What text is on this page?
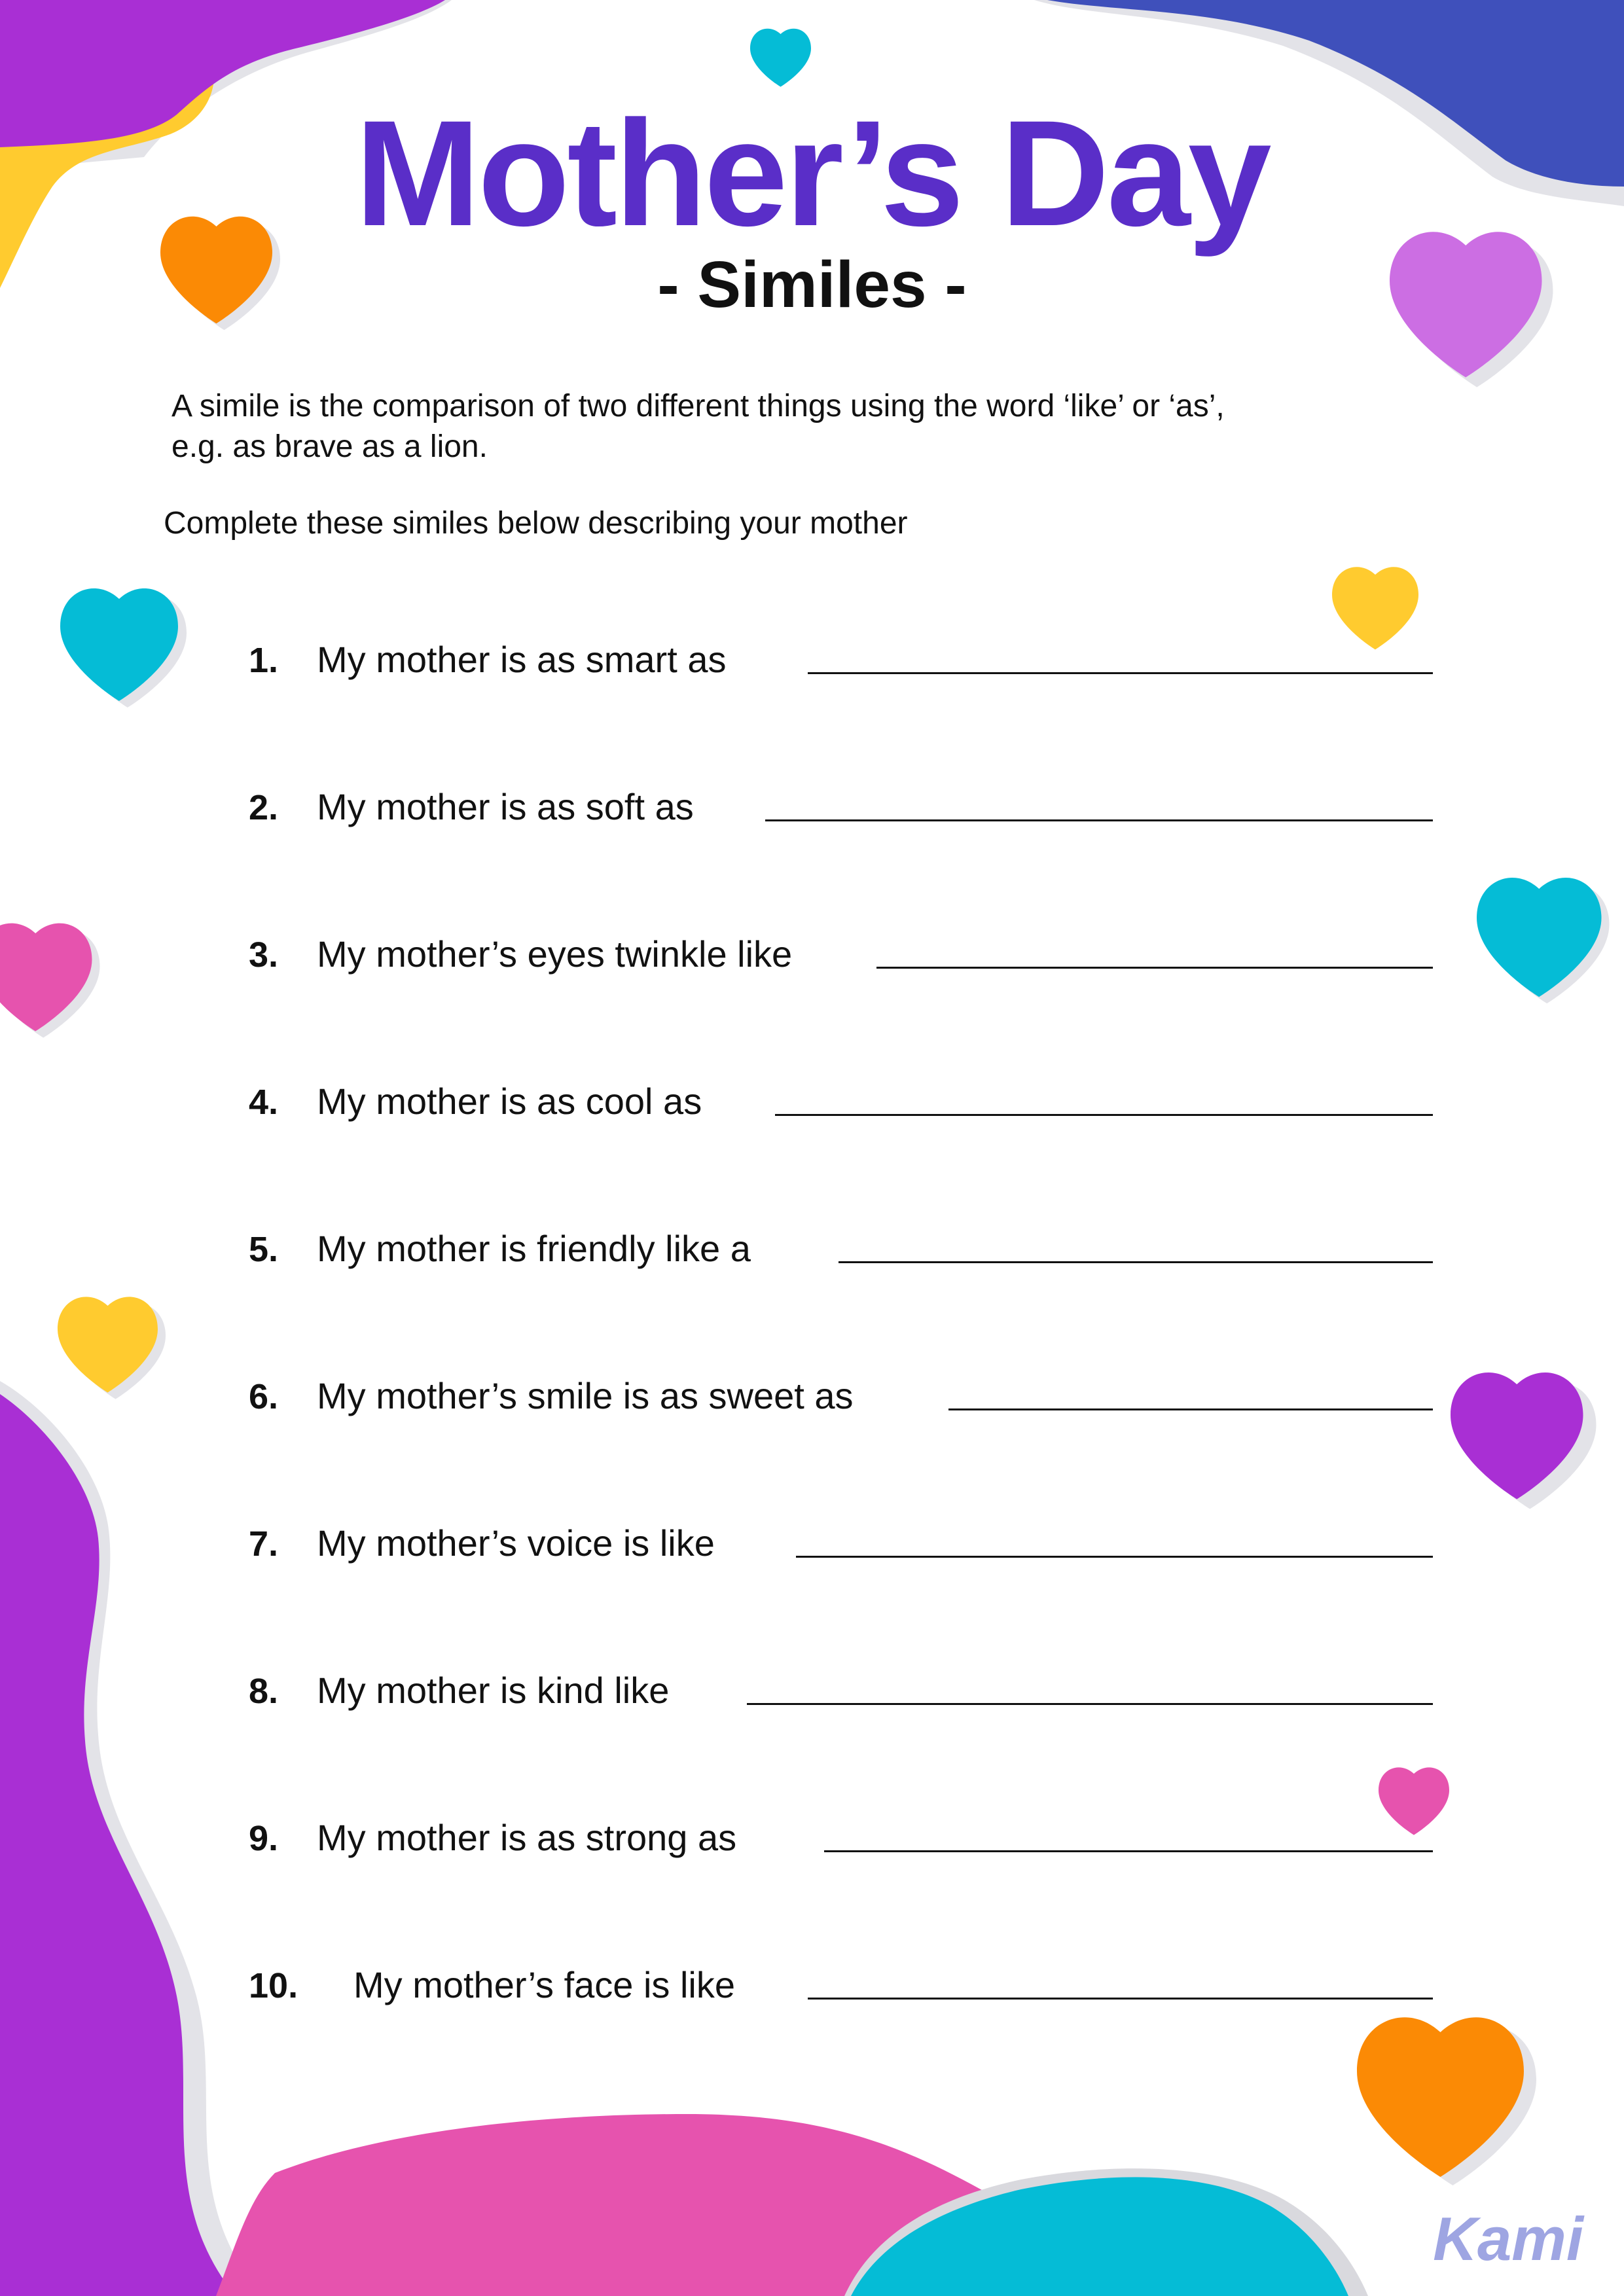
Mother’s Day
- Similes -
A simile is the comparison of two different things using the word ‘like’ or ‘as’,
e.g. as brave as a lion.
Complete these similes below describing your mother
1. My mother is as smart as
2. My mother is as soft as
3. My mother’s eyes twinkle like
4. My mother is as cool as
5. My mother is friendly like a
6. My mother’s smile is as sweet as
7. My mother’s voice is like
8. My mother is kind like
9. My mother is as strong as
10. My mother’s face is like
Kami
